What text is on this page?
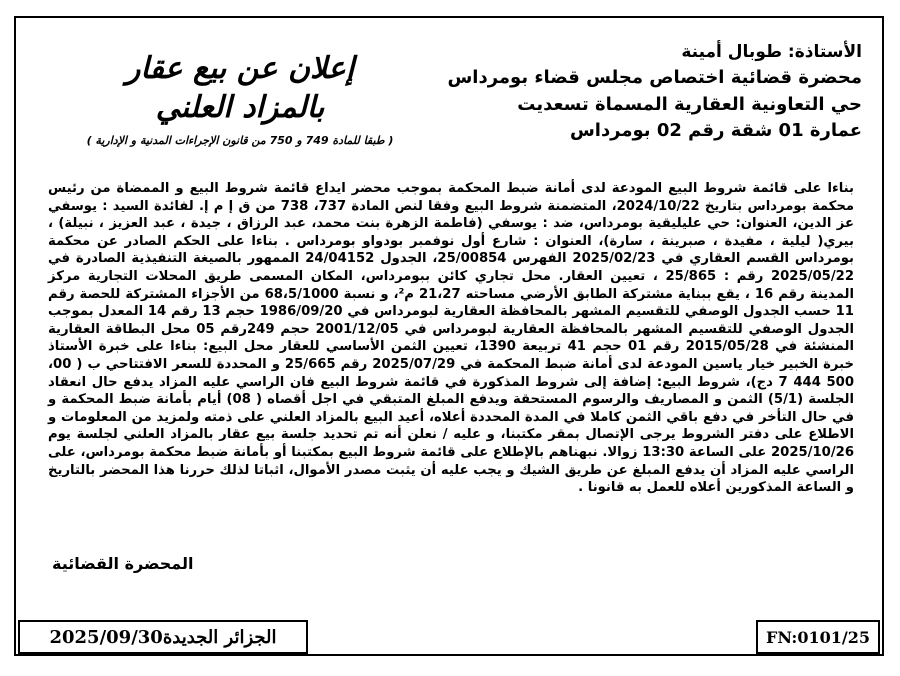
الأستاذة: طوبال أمينة
محضرة قضائية اختصاص مجلس قضاء بومرداس
حي التعاونية العقارية المسماة تسعديت
عمارة 01 شقة رقم 02 بومرداس
إعلان عن بيع عقار
بالمزاد العلني
( طبقا للمادة 749 و 750 من قانون الإجراءات المدنية و الإدارية )
بناءا على قائمة شروط البيع المودعة لدى أمانة ضبط المحكمة بموجب محضر ايداع قائمة شروط البيع و الممضاة من رئيس محكمة بومرداس بتاريخ 2024/10/22، المتضمنة شروط البيع وفقا لنص المادة 737، 738 من ق إ م إ. لفائدة السيد : يوسفي عز الدين، العنوان: حي عليليقية بومرداس، ضد : يوسفي (فاطمة الزهرة بنت محمد، عبد الرزاق ، جيدة ، عبد العزيز ، نبيلة) ، بيري( ليلية ، مفيدة ، صبرينة ، سارة)، العنوان : شارع أول نوفمبر بودواو بومرداس . بناءا على الحكم الصادر عن محكمة بومرداس القسم العقاري في 2025/02/23 الفهرس 25/00854، الجدول 24/04152 الممهور بالصيغة التنفيذية الصادرة في 2025/05/22 رقم : 25/865 ، تعيين العقار. محل تجاري كائن ببومرداس، المكان المسمى طريق المحلات التجارية مركز المدينة رقم 16 ، يقع ببناية مشتركة الطابق الأرضي مساحته 21،27 م²، و نسبة 68،5/1000 من الأجزاء المشتركة للحصة رقم 11 حسب الجدول الوصفي للتقسيم المشهر بالمحافظة العقارية لبومرداس في 1986/09/20 حجم 13 رقم 14 المعدل بموجب الجدول الوصفي للتقسيم المشهر بالمحافظة العقارية لبومرداس في 2001/12/05 حجم 249رقم 05 محل البطاقة العقارية المنشئة في 2015/05/28 رقم 01 حجم 41 تربيعة 1390، تعيين الثمن الأساسي للعقار محل البيع: بناءا على خبرة الأستاذ خبرة الخبير خيار ياسين المودعة لدى أمانة ضبط المحكمة في 2025/07/29 رقم 25/665 و المحددة للسعر الافتتاحي ب ( 00، 500 444 7 دج)، شروط البيع: إضافة إلى شروط المذكورة في قائمة شروط البيع فان الراسي عليه المزاد يدفع حال انعقاد الجلسة (5/1) الثمن و المصاريف والرسوم المستحقة ويدفع المبلغ المتبقي في اجل أقصاه ( 08) أيام بأمانة ضبط المحكمة و في حال التأخر في دفع باقي الثمن كاملا في المدة المحددة أعلاه، أعيد البيع بالمزاد العلني على ذمته ولمزيد من المعلومات و الاطلاع على دفتر الشروط يرجى الإتصال بمقر مكتبنا، و عليه / نعلن أنه تم تحديد جلسة بيع عقار بالمزاد العلني لجلسة يوم 2025/10/26 على الساعة 13:30 زوالا. نبهناهم بالإطلاع على قائمة شروط البيع بمكتبنا أو بأمانة ضبط محكمة بومرداس، على الراسي عليه المزاد أن يدفع المبلغ عن طريق الشيك و يجب عليه أن يثبت مصدر الأموال، اثباتا لذلك حررنا هذا المحضر بالتاريخ و الساعة المذكورين أعلاه للعمل به قانونا .
المحضرة القضائية
الجزائر الجديدة2025/09/30	FN:0101/25
